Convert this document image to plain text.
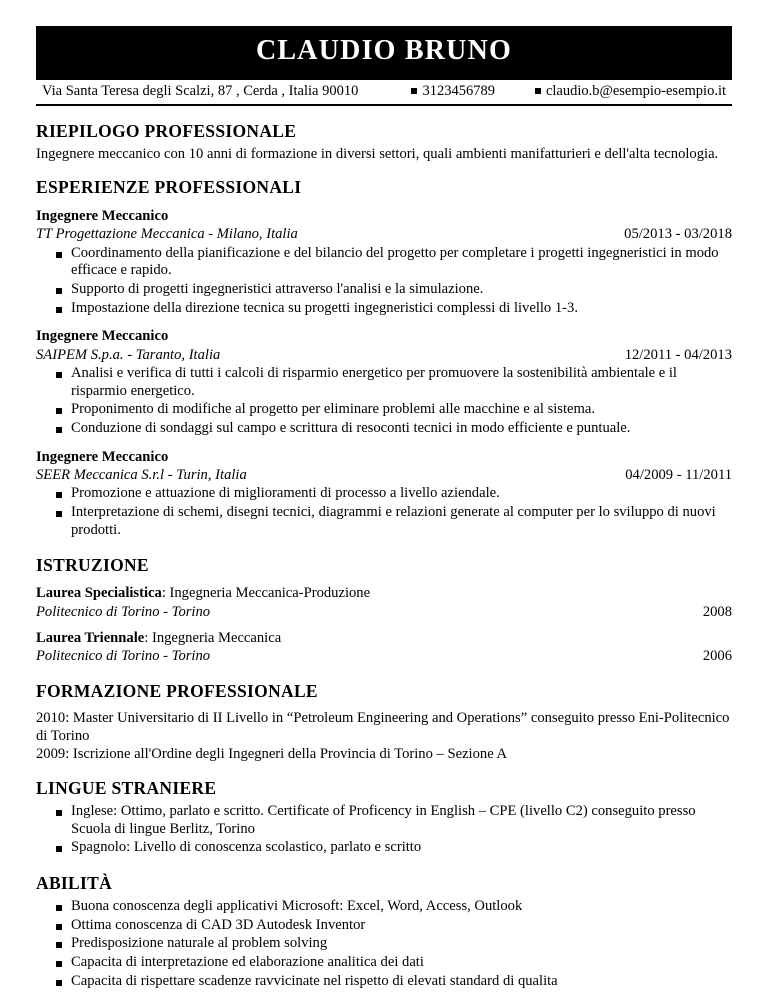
CLAUDIO BRUNO
Via Santa Teresa degli Scalzi, 87 , Cerda , Italia 90010	3123456789	claudio.b@esempio-esempio.it
RIEPILOGO PROFESSIONALE

Ingegnere meccanico con 10 anni di formazione in diversi settori, quali ambienti manifatturieri e dell'alta tecnologia.

ESPERIENZE PROFESSIONALI
Ingegnere Meccanico
TT Progettazione Meccanica - Milano, Italia	05/2013 - 03/2018
Coordinamento della pianificazione e del bilancio del progetto per completare i progetti ingegneristici in modo efficace e rapido.
Supporto di progetti ingegneristici attraverso l'analisi e la simulazione.
Impostazione della direzione tecnica su progetti ingegneristici complessi di livello 1-3.
Ingegnere Meccanico
SAIPEM S.p.a. - Taranto, Italia	12/2011 - 04/2013
Analisi e verifica di tutti i calcoli di risparmio energetico per promuovere la sostenibilità ambientale e il risparmio energetico.
Proponimento di modifiche al progetto per eliminare problemi alle macchine e al sistema.
Conduzione di sondaggi sul campo e scrittura di resoconti tecnici in modo efficiente e puntuale.
Ingegnere Meccanico
SEER Meccanica S.r.l - Turin, Italia	04/2009 - 11/2011
Promozione e attuazione di miglioramenti di processo a livello aziendale.
Interpretazione di schemi, disegni tecnici, diagrammi e relazioni generate al computer per lo sviluppo di nuovi prodotti.
ISTRUZIONE
Laurea Specialistica: Ingegneria Meccanica-Produzione
Politecnico di Torino - Torino	2008
Laurea Triennale: Ingegneria Meccanica
Politecnico di Torino - Torino	2006
FORMAZIONE PROFESSIONALE
2010: Master Universitario di II Livello in “Petroleum Engineering and Operations” conseguito presso Eni-Politecnico di Torino
2009: Iscrizione all'Ordine degli Ingegneri della Provincia di Torino – Sezione A
LINGUE STRANIERE
Inglese: Ottimo, parlato e scritto. Certificate of Proficency in English – CPE (livello C2) conseguito presso Scuola di lingue Berlitz, Torino
Spagnolo: Livello di conoscenza scolastico, parlato e scritto
ABILITÀ
Buona conoscenza degli applicativi Microsoft: Excel, Word, Access, Outlook
Ottima conoscenza di CAD 3D Autodesk Inventor
Predisposizione naturale al problem solving
Capacita di interpretazione ed elaborazione analitica dei dati
Capacita di rispettare scadenze ravvicinate nel rispetto di elevati standard di qualita
